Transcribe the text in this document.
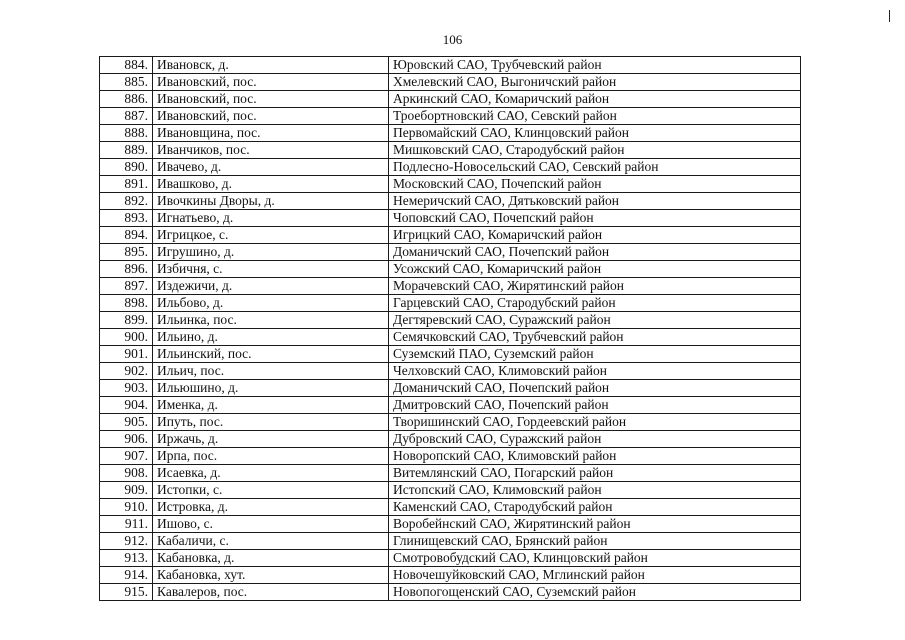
106
884.	Ивановск, д.	Юровский САО, Трубчевский район
885.	Ивановский, пос.	Хмелевский САО, Выгоничский район
886.	Ивановский, пос.	Аркинский САО, Комаричский район
887.	Ивановский, пос.	Троебортновский САО, Севский район
888.	Ивановщина, пос.	Первомайский САО, Клинцовский район
889.	Иванчиков, пос.	Мишковский САО, Стародубский район
890.	Ивачево, д.	Подлесно-Новосельский САО, Севский район
891.	Ивашково, д.	Московский САО, Почепский район
892.	Ивочкины Дворы, д.	Немеричский САО, Дятьковский район
893.	Игнатьево, д.	Чоповский САО, Почепский район
894.	Игрицкое, с.	Игрицкий САО, Комаричский район
895.	Игрушино, д.	Доманичский САО, Почепский район
896.	Избичня, с.	Усожский САО, Комаричский район
897.	Издежичи, д.	Морачевский САО, Жирятинский район
898.	Ильбово, д.	Гарцевский САО, Стародубский район
899.	Ильинка, пос.	Дегтяревский САО, Суражский район
900.	Ильино, д.	Семячковский САО, Трубчевский район
901.	Ильинский, пос.	Суземский ПАО, Суземский район
902.	Ильич, пос.	Челховский САО, Климовский район
903.	Ильюшино, д.	Доманичский САО, Почепский район
904.	Именка, д.	Дмитровский САО, Почепский район
905.	Ипуть, пос.	Творишинский САО, Гордеевский район
906.	Иржачь, д.	Дубровский САО, Суражский район
907.	Ирпа, пос.	Новоропский САО, Климовский район
908.	Исаевка, д.	Витемлянский САО, Погарский район
909.	Истопки, с.	Истопский САО, Климовский район
910.	Истровка, д.	Каменский САО, Стародубский район
911.	Ишово, с.	Воробейнский САО, Жирятинский район
912.	Кабаличи, с.	Глинищевский САО, Брянский район
913.	Кабановка, д.	Смотровобудский САО, Клинцовский район
914.	Кабановка, хут.	Новочешуйковский САО, Мглинский район
915.	Кавалеров, пос.	Новопогощенский САО, Суземский район
